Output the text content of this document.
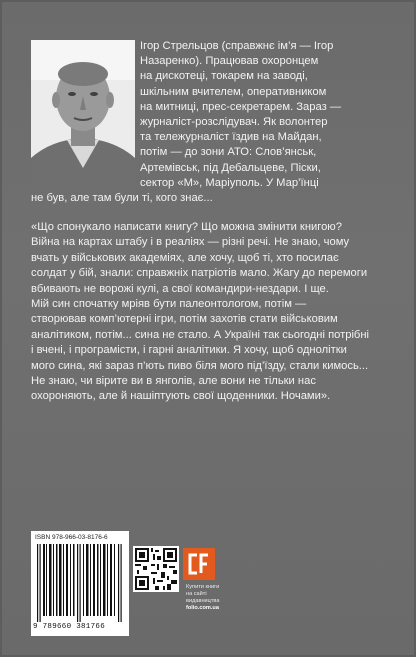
Ігор Стрельцов (справжнє ім’я — Ігор
Назаренко). Працював охоронцем
на дискотеці, токарем на заводі,
шкільним вчителем, оперативником
на митниці, прес-секретарем. Зараз —
журналіст-розслідувач. Як волонтер
та тележурналіст їздив на Майдан,
потім — до зони АТО: Слов’янськ,
Артемівськ, під Дебальцеве, Піски,
сектор «М», Маріуполь. У Мар’їнці
не був, але там були ті, кого знає...
«Що спонукало написати книгу? Що можна змінити книгою?
Війна на картах штабу і в реаліях — різні речі. Не знаю, чому
вчать у військових академіях, але хочу, щоб ті, хто посилає
солдат у бій, знали: справжніх патріотів мало. Жагу до перемоги
вбивають не ворожі кулі, а свої командири-нездари. І ще.
Мій син спочатку мріяв бути палеонтологом, потім —
створював комп’ютерні ігри, потім захотів стати військовим
аналітиком, потім... сина не стало. А Україні так сьогодні потрібні
і вчені, і програмісти, і гарні аналітики. Я хочу, щоб однолітки
мого сина, які зараз п’ють пиво біля мого під’їзду, стали кимось...
Не знаю, чи вірите ви в янголів, але вони не тільки нас
охороняють, але й нашіптують свої щоденники. Ночами».
ISBN 978-966-03-8176-6
9 789660 381766
Купити книги
на сайті
видавництва
folio.com.ua
